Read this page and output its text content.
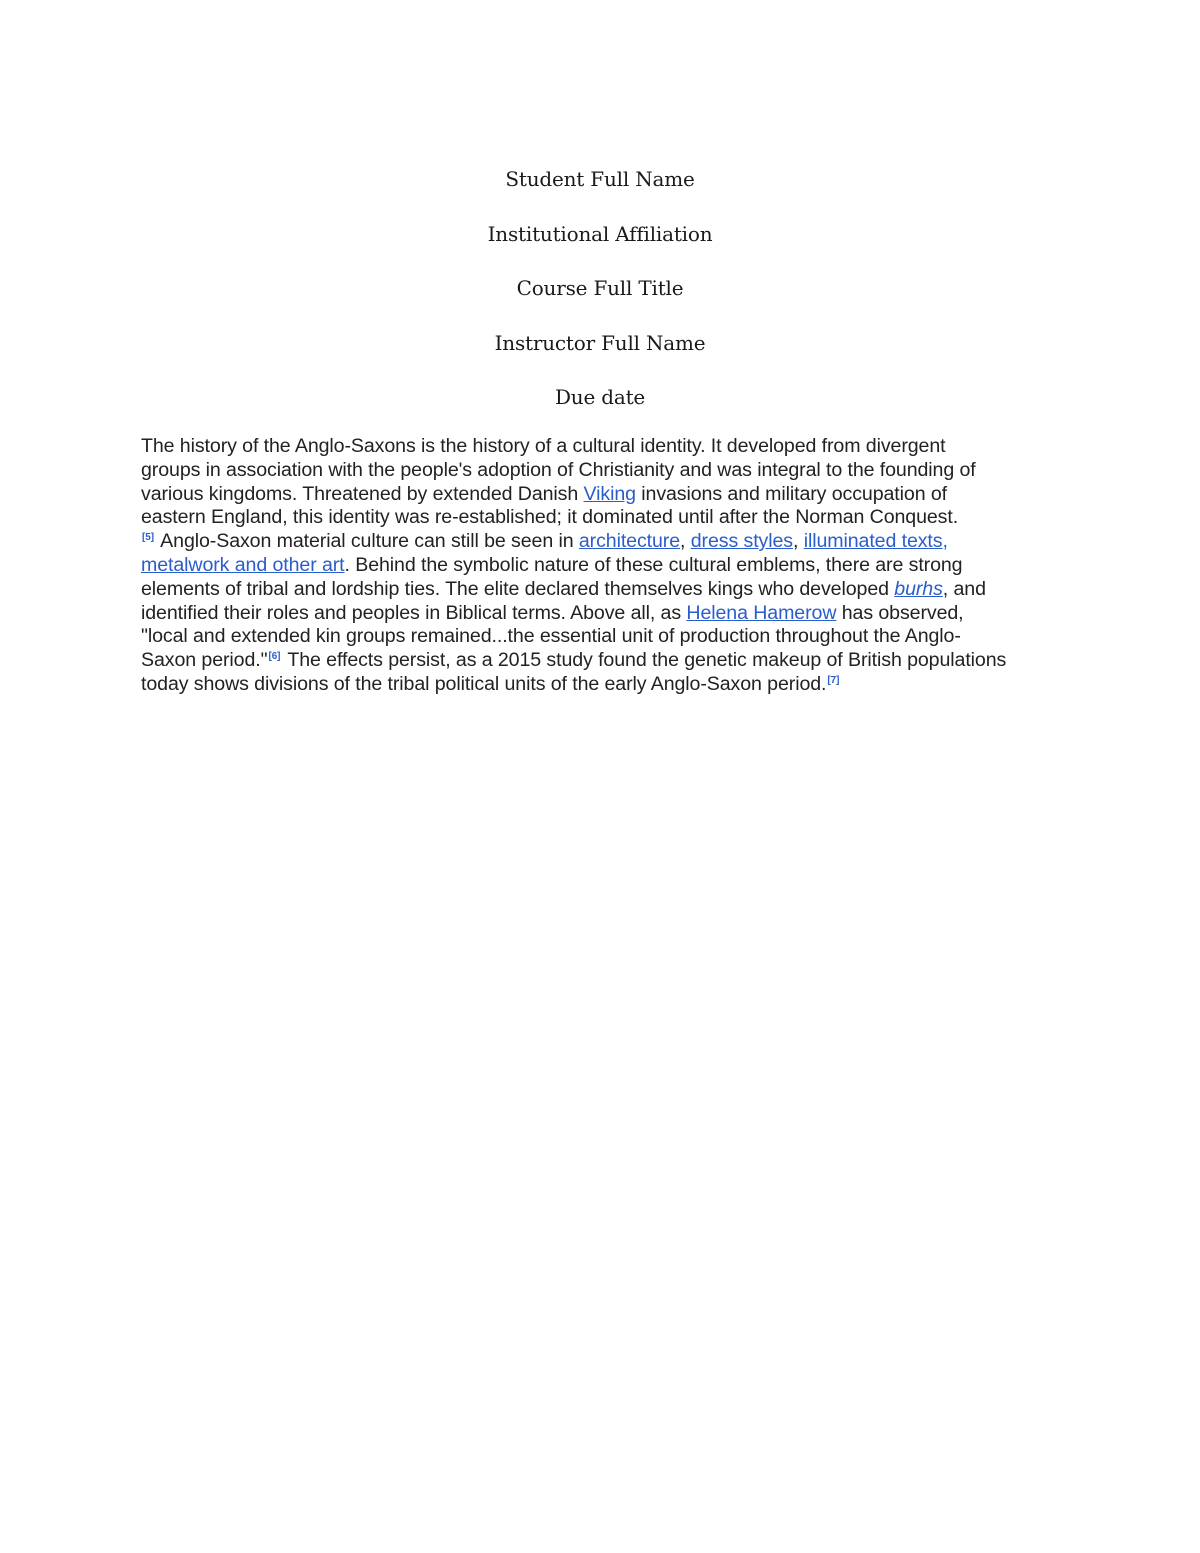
Student Full Name
Institutional Affiliation
Course Full Title
Instructor Full Name
Due date
The history of the Anglo-Saxons is the history of a cultural identity. It developed from divergent
groups in association with the people's adoption of Christianity and was integral to the founding of
various kingdoms. Threatened by extended Danish Viking invasions and military occupation of
eastern England, this identity was re-established; it dominated until after the Norman Conquest.
[5] Anglo-Saxon material culture can still be seen in architecture, dress styles, illuminated texts,
metalwork and other art. Behind the symbolic nature of these cultural emblems, there are strong
elements of tribal and lordship ties. The elite declared themselves kings who developed burhs, and
identified their roles and peoples in Biblical terms. Above all, as Helena Hamerow has observed,
"local and extended kin groups remained...the essential unit of production throughout the Anglo-
Saxon period."[6] The effects persist, as a 2015 study found the genetic makeup of British populations
today shows divisions of the tribal political units of the early Anglo-Saxon period.[7]
